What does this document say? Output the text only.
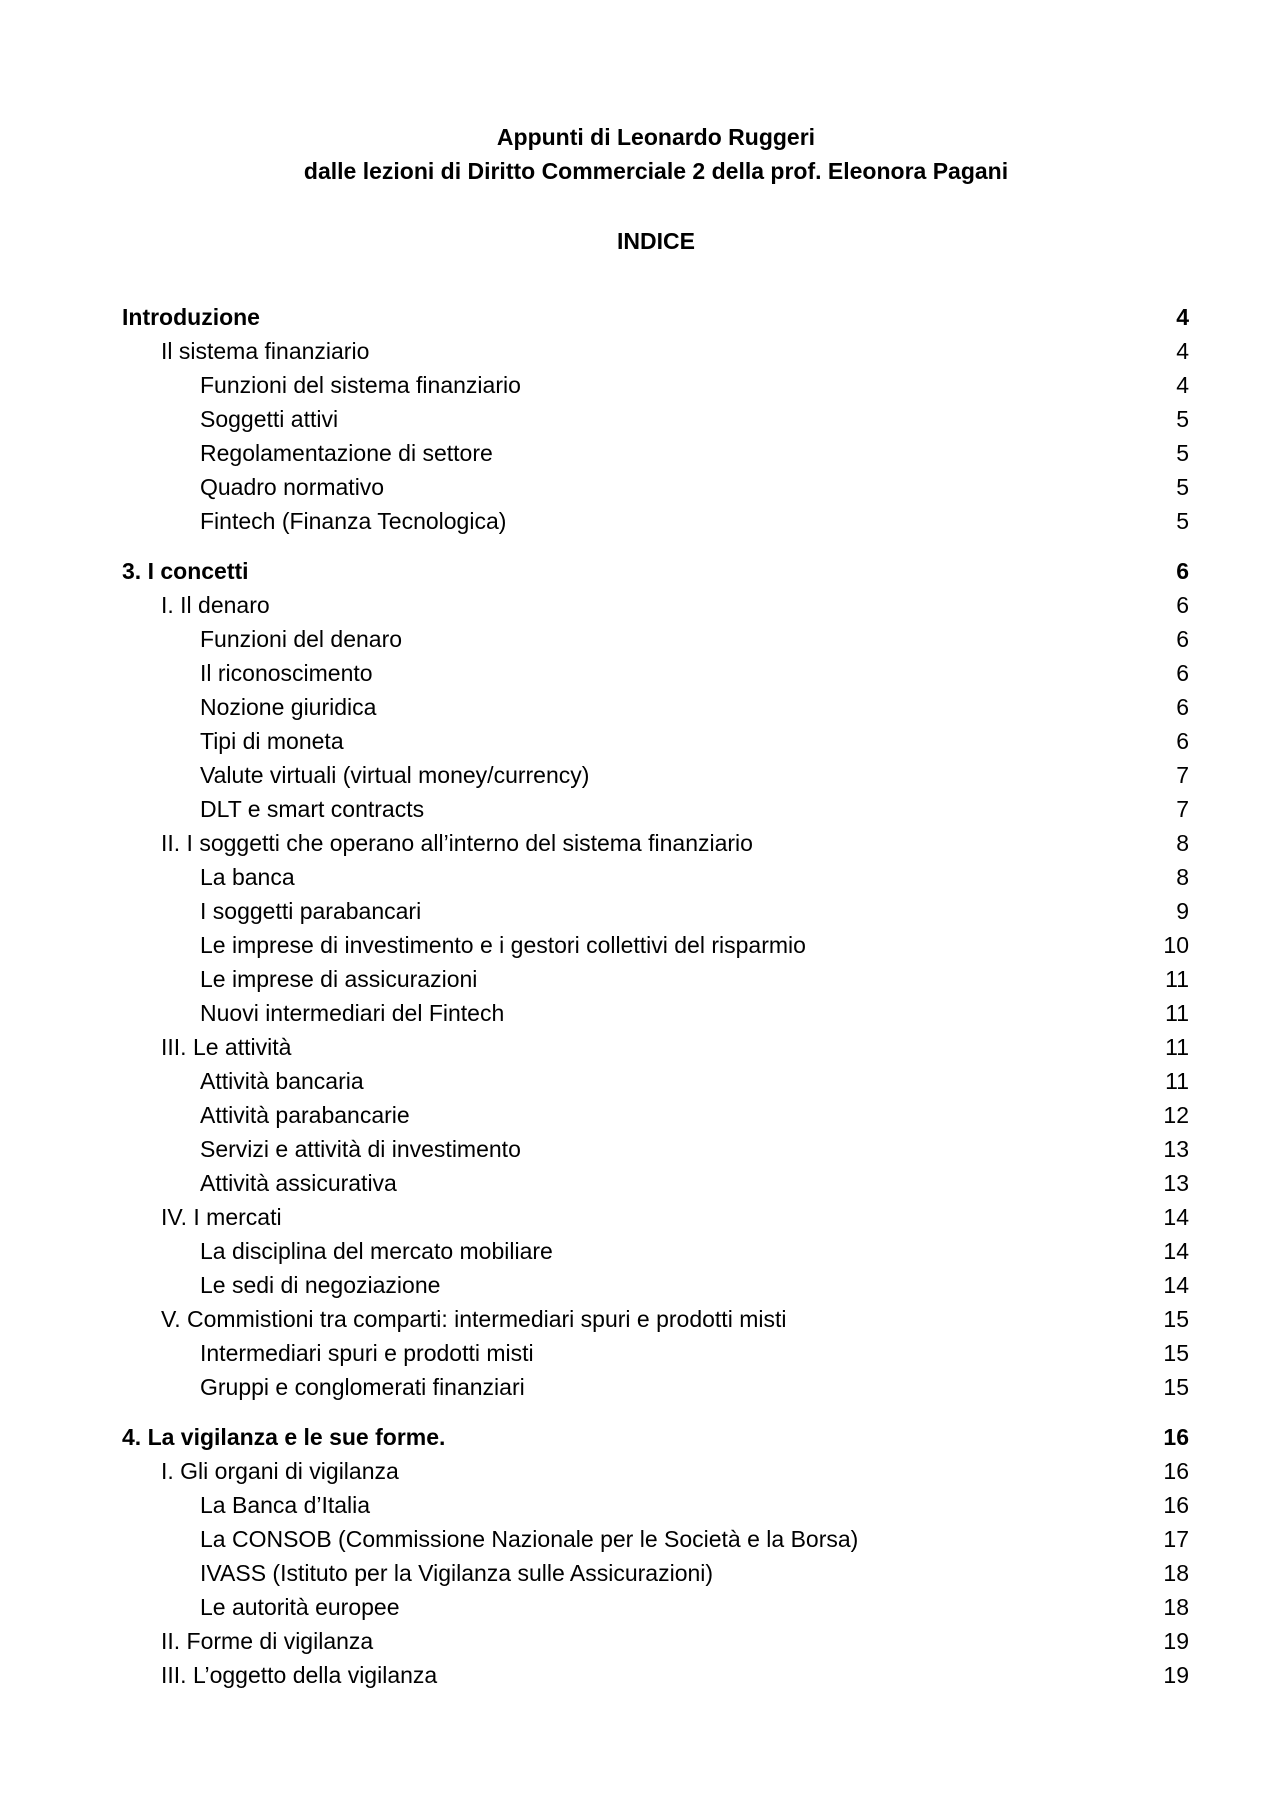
Appunti di Leonardo Ruggeri
dalle lezioni di Diritto Commerciale 2 della prof. Eleonora Pagani
INDICE
Introduzione	4
Il sistema finanziario	4
Funzioni del sistema finanziario	4
Soggetti attivi	5
Regolamentazione di settore	5
Quadro normativo	5
Fintech (Finanza Tecnologica)	5
3. I concetti	6
I. Il denaro	6
Funzioni del denaro	6
Il riconoscimento	6
Nozione giuridica	6
Tipi di moneta	6
Valute virtuali (virtual money/currency)	7
DLT e smart contracts	7
II. I soggetti che operano all’interno del sistema finanziario	8
La banca	8
I soggetti parabancari	9
Le imprese di investimento e i gestori collettivi del risparmio	10
Le imprese di assicurazioni	11
Nuovi intermediari del Fintech	11
III. Le attività	11
Attività bancaria	11
Attività parabancarie	12
Servizi e attività di investimento	13
Attività assicurativa	13
IV. I mercati	14
La disciplina del mercato mobiliare	14
Le sedi di negoziazione	14
V. Commistioni tra comparti: intermediari spuri e prodotti misti	15
Intermediari spuri e prodotti misti	15
Gruppi e conglomerati finanziari	15
4. La vigilanza e le sue forme.	16
I. Gli organi di vigilanza	16
La Banca d’Italia	16
La CONSOB (Commissione Nazionale per le Società e la Borsa)	17
IVASS (Istituto per la Vigilanza sulle Assicurazioni)	18
Le autorità europee	18
II. Forme di vigilanza	19
III. L’oggetto della vigilanza	19
